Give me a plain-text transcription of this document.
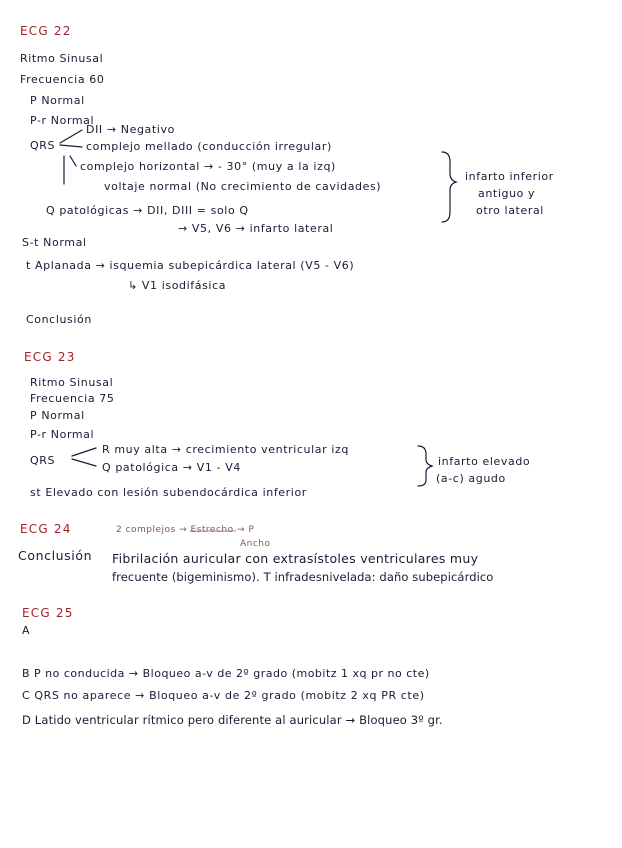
ECG 22
Ritmo Sinusal
Frecuencia 60
P Normal
P-r Normal
QRS
DII → Negativo
complejo mellado (conducción irregular)
complejo horizontal → - 30° (muy a la izq)
voltaje normal (No crecimiento de cavidades)
Q patológicas → DII, DIII = solo Q
→ V5, V6 → infarto lateral
infarto inferior
antiguo y
otro lateral
S-t Normal
t Aplanada → isquemia subepicárdica lateral (V5 - V6)
↳ V1 isodifásica
Conclusión
ECG 23
Ritmo Sinusal
Frecuencia 75
P Normal
P-r Normal
QRS
R muy alta → crecimiento ventricular izq
Q patológica → V1 - V4	infarto elevado
(a-c) agudo
st Elevado con lesión subendocárdica inferior
ECG 24	2 complejos → Estrecho → P
Ancho
Conclusión Fibrilación auricular con extrasístoles ventriculares muy
frecuente (bigeminismo). T infradesnivelada: daño subepicárdico
ECG 25
A
B P no conducida → Bloqueo a-v de 2º grado (mobitz 1 xq pr no cte)
C QRS no aparece → Bloqueo a-v de 2º grado (mobitz 2 xq PR cte)
D Latido ventricular rítmico pero diferente al auricular → Bloqueo 3º gr.
